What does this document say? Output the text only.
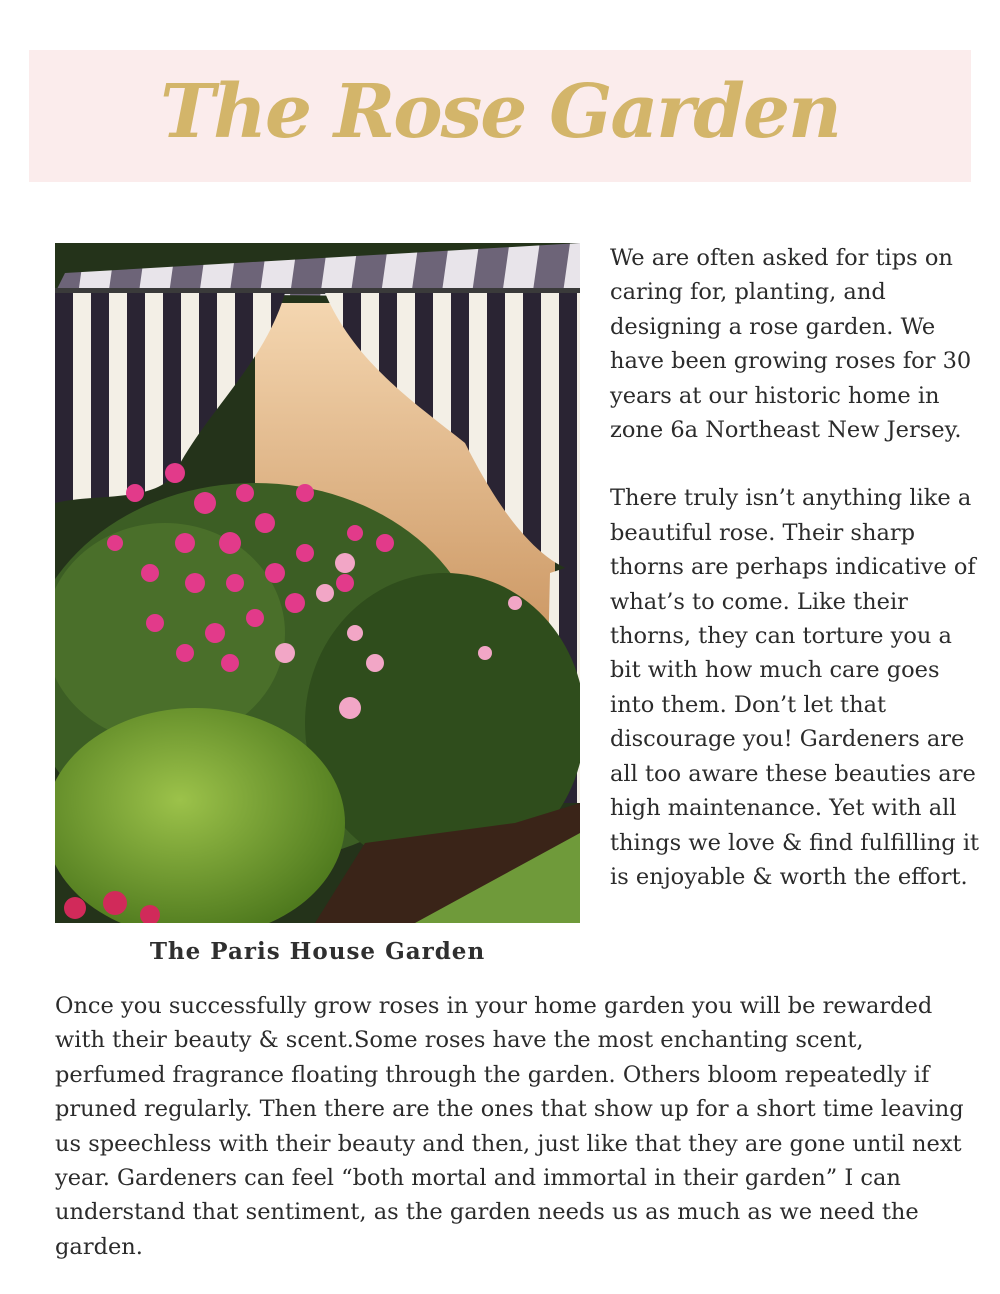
The Rose Garden
The Paris House Garden

We are often asked for tips on caring for, planting, and designing a rose garden. We have been growing roses for 30 years at our historic home in zone 6a Northeast New Jersey.

There truly isn’t anything like a beautiful rose. Their sharp thorns are perhaps indicative of what’s to come. Like their thorns, they can torture you a bit with how much care goes into them. Don’t let that discourage you! Gardeners are all too aware these beauties are high maintenance. Yet with all things we love & find fulfilling it is enjoyable & worth the effort.

Once you successfully grow roses in your home garden you will be rewarded with their beauty & scent.Some roses have the most enchanting scent, perfumed fragrance floating through the garden. Others bloom repeatedly if pruned regularly. Then there are the ones that show up for a short time leaving us speechless with their beauty and then, just like that they are gone until next year. Gardeners can feel “both mortal and immortal in their garden” I can understand that sentiment, as the garden needs us as much as we need the garden.
